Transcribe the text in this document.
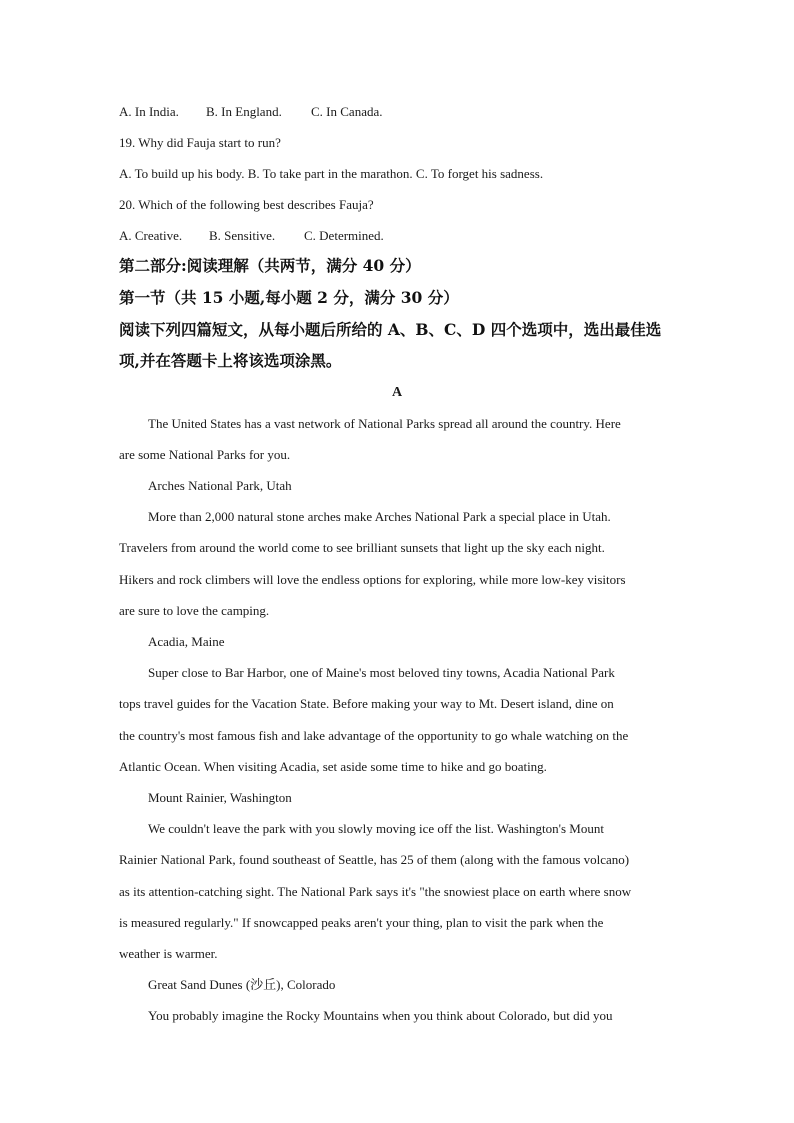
A. In India. B. In England. C. In Canada.
19. Why did Fauja start to run?
A. To build up his body. B. To take part in the marathon. C. To forget his sadness.
20. Which of the following best describes Fauja?
A. Creative. B. Sensitive. C. Determined.
第二部分:阅读理解（共两节，满分 40 分）
第一节（共 15 小题,每小题 2 分，满分 30 分）
阅读下列四篇短文，从每小题后所给的 A、B、C、D 四个选项中，选出最佳选
项,并在答题卡上将该选项涂黑。
A
The United States has a vast network of National Parks spread all around the country. Here
are some National Parks for you.
Arches National Park, Utah
More than 2,000 natural stone arches make Arches National Park a special place in Utah.
Travelers from around the world come to see brilliant sunsets that light up the sky each night.
Hikers and rock climbers will love the endless options for exploring, while more low-key visitors
are sure to love the camping.
Acadia, Maine
Super close to Bar Harbor, one of Maine's most beloved tiny towns, Acadia National Park
tops travel guides for the Vacation State. Before making your way to Mt. Desert island, dine on
the country's most famous fish and lake advantage of the opportunity to go whale watching on the
Atlantic Ocean. When visiting Acadia, set aside some time to hike and go boating.
Mount Rainier, Washington
We couldn't leave the park with you slowly moving ice off the list. Washington's Mount
Rainier National Park, found southeast of Seattle, has 25 of them (along with the famous volcano)
as its attention-catching sight. The National Park says it's "the snowiest place on earth where snow
is measured regularly." If snowcapped peaks aren't your thing, plan to visit the park when the
weather is warmer.
Great Sand Dunes (沙丘), Colorado
You probably imagine the Rocky Mountains when you think about Colorado, but did you
